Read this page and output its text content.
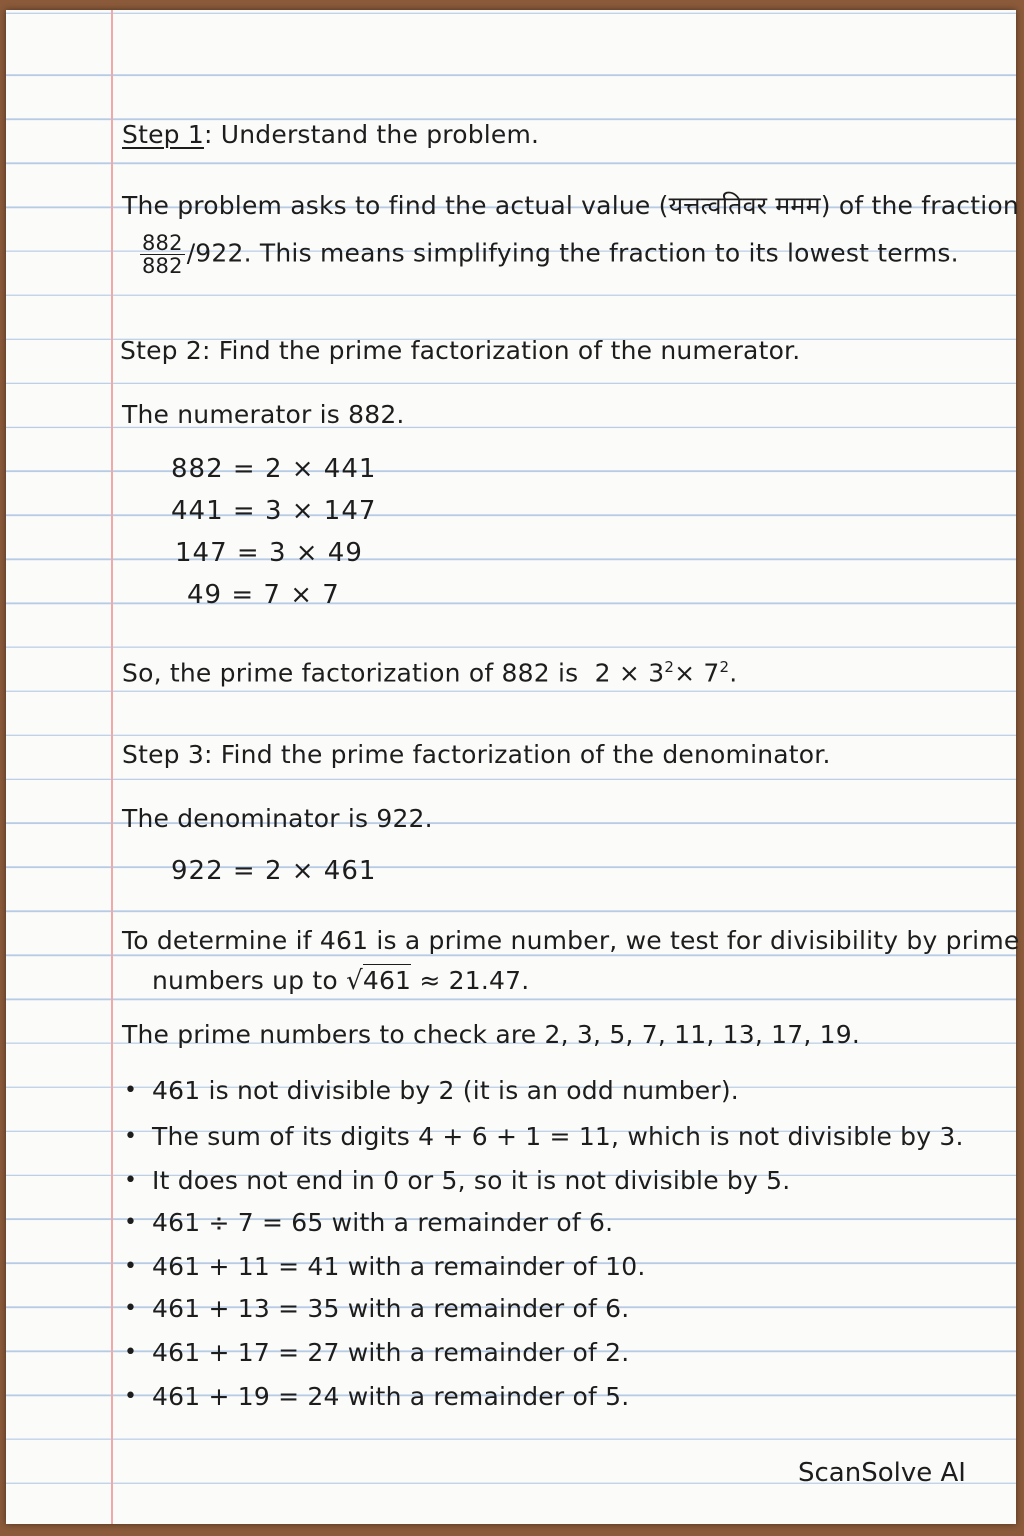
Step 1: Understand the problem.
The problem asks to find the actual value (यत्तत्वतिवर ममम) of the fraction
$\frac{882}{882} /922$. This means simplifying the fraction to its lowest terms.
Step 2: Find the prime factorization of the numerator.
The numerator is 882.
882 = 2 × 441
441 = 3 × 147
147 = 3 × 49
49 = 7 × 7
So, the prime factorization of 882 is $2 \times 3^2\times 7^2$.
Step 3: Find the prime factorization of the denominator.
The denominator is 922.
922 = 2 × 461
To determine if 461 is a prime number, we test for divisibility by prime
numbers up to √461 ≈ 21.47.
The prime numbers to check are 2, 3, 5, 7, 11, 13, 17, 19.
• 461 is not divisible by 2 (it is an odd number).
• The sum of its digits 4 + 6 + 1 = 11, which is not divisible by 3.
• It does not end in 0 or 5, so it is not divisible by 5.
• 461 ÷ 7 = 65 with a remainder of 6.
• 461 + 11 = 41 with a remainder of 10.
• 461 + 13 = 35 with a remainder of 6.
• 461 + 17 = 27 with a remainder of 2.
• 461 + 19 = 24 with a remainder of 5.
ScanSolve AI
